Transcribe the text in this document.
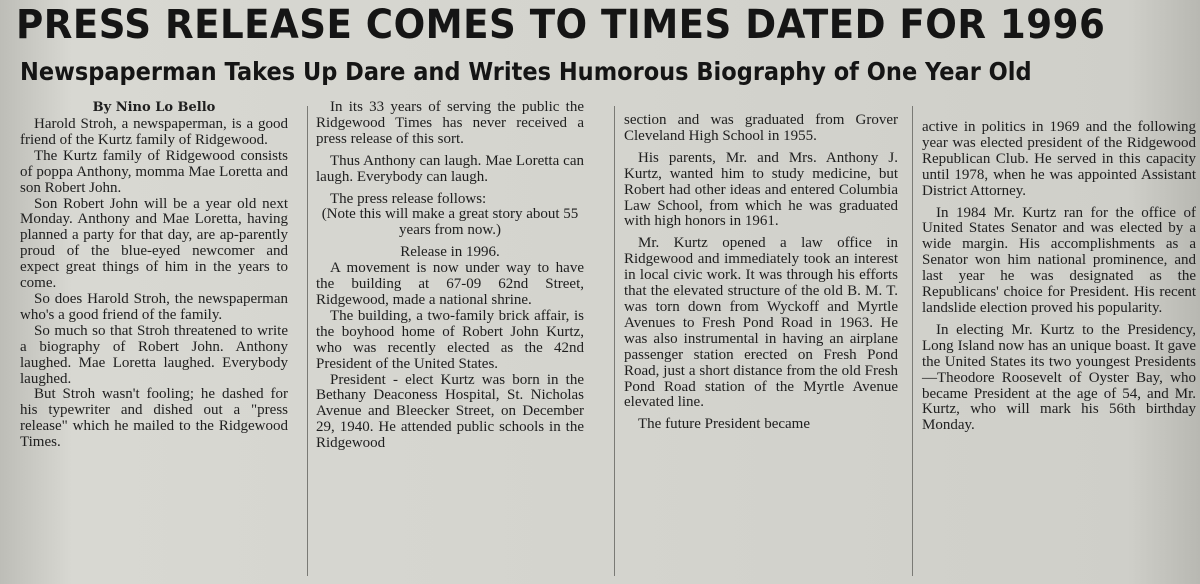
PRESS RELEASE COMES TO TIMES DATED FOR 1996
Newspaperman Takes Up Dare and Writes Humorous Biography of One Year Old
By Nino Lo Bello

Harold Stroh, a newspaperman, is a good friend of the Kurtz family of Ridgewood.

The Kurtz family of Ridgewood consists of poppa Anthony, momma Mae Loretta and son Robert John.

Son Robert John will be a year old next Monday. Anthony and Mae Loretta, having planned a party for that day, are ap-parently proud of the blue-eyed newcomer and expect great things of him in the years to come.

So does Harold Stroh, the newspaperman who's a good friend of the family.

So much so that Stroh threatened to write a biography of Robert John. Anthony laughed. Mae Loretta laughed. Everybody laughed.

But Stroh wasn't fooling; he dashed for his typewriter and dished out a "press release" which he mailed to the Ridgewood Times.

In its 33 years of serving the public the Ridgewood Times has never received a press release of this sort.

Thus Anthony can laugh. Mae Loretta can laugh. Everybody can laugh.

The press release follows:

(Note this will make a great story about 55 years from now.)

Release in 1996.

A movement is now under way to have the building at 67-09 62nd Street, Ridgewood, made a national shrine.

The building, a two-family brick affair, is the boyhood home of Robert John Kurtz, who was recently elected as the 42nd President of the United States.

President - elect Kurtz was born in the Bethany Deaconess Hospital, St. Nicholas Avenue and Bleecker Street, on December 29, 1940. He attended public schools in the Ridgewood

section and was graduated from Grover Cleveland High School in 1955.

His parents, Mr. and Mrs. Anthony J. Kurtz, wanted him to study medicine, but Robert had other ideas and entered Columbia Law School, from which he was graduated with high honors in 1961.

Mr. Kurtz opened a law office in Ridgewood and immediately took an interest in local civic work. It was through his efforts that the elevated structure of the old B. M. T. was torn down from Wyckoff and Myrtle Avenues to Fresh Pond Road in 1963. He was also instrumental in having an airplane passenger station erected on Fresh Pond Road, just a short distance from the old Fresh Pond Road station of the Myrtle Avenue elevated line.

The future President became

active in politics in 1969 and the following year was elected president of the Ridgewood Republican Club. He served in this capacity until 1978, when he was appointed Assistant District Attorney.

In 1984 Mr. Kurtz ran for the office of United States Senator and was elected by a wide margin. His accomplishments as a Senator won him national prominence, and last year he was designated as the Republicans' choice for President. His recent landslide election proved his popularity.

In electing Mr. Kurtz to the Presidency, Long Island now has an unique boast. It gave the United States its two youngest Presidents—Theodore Roosevelt of Oyster Bay, who became President at the age of 54, and Mr. Kurtz, who will mark his 56th birthday Monday.
